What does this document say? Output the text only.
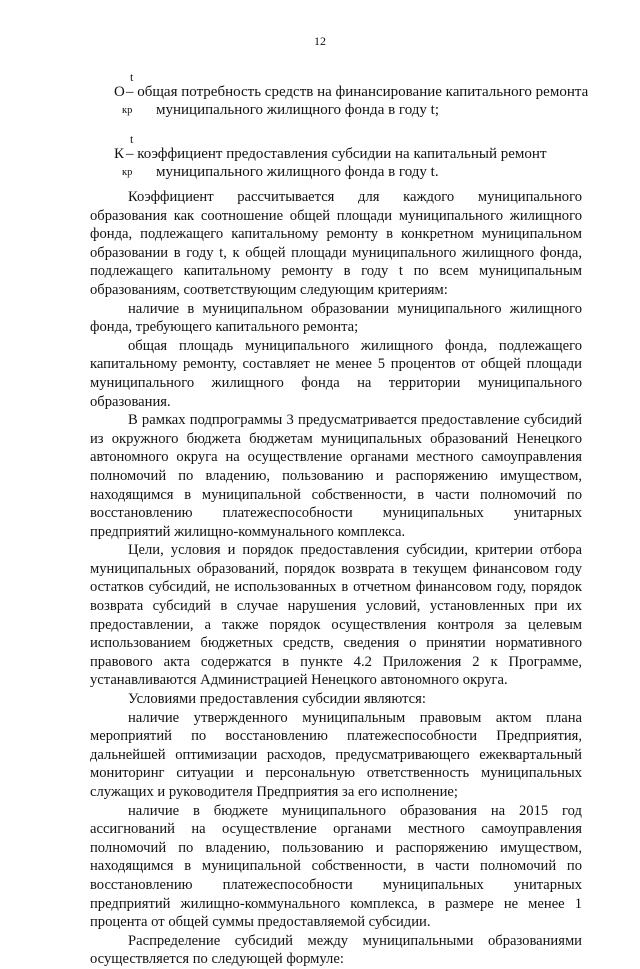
12
t
О – общая потребность средств на финансирование капитального ремонта
кр муниципального жилищного фонда в году t;
t
К – коэффициент предоставления субсидии на капитальный ремонт
кр муниципального жилищного фонда в году t.

Коэффициент рассчитывается для каждого муниципального образования как соотношение общей площади муниципального жилищного фонда, подлежащего капитальному ремонту в конкретном муниципальном образовании в году t, к общей площади муниципального жилищного фонда, подлежащего капитальному ремонту в году t по всем муниципальным образованиям, соответствующим следующим критериям:

наличие в муниципальном образовании муниципального жилищного фонда, требующего капитального ремонта;

общая площадь муниципального жилищного фонда, подлежащего капитальному ремонту, составляет не менее 5 процентов от общей площади муниципального жилищного фонда на территории муниципального образования.

В рамках подпрограммы 3 предусматривается предоставление субсидий из окружного бюджета бюджетам муниципальных образований Ненецкого автономного округа на осуществление органами местного самоуправления полномочий по владению, пользованию и распоряжению имуществом, находящимся в муниципальной собственности, в части полномочий по восстановлению платежеспособности муниципальных унитарных предприятий жилищно-коммунального комплекса.

Цели, условия и порядок предоставления субсидии, критерии отбора муниципальных образований, порядок возврата в текущем финансовом году остатков субсидий, не использованных в отчетном финансовом году, порядок возврата субсидий в случае нарушения условий, установленных при их предоставлении, а также порядок осуществления контроля за целевым использованием бюджетных средств, сведения о принятии нормативного правового акта содержатся в пункте 4.2 Приложения 2 к Программе, устанавливаются Администрацией Ненецкого автономного округа.

Условиями предоставления субсидии являются:

наличие утвержденного муниципальным правовым актом плана мероприятий по восстановлению платежеспособности Предприятия, дальнейшей оптимизации расходов, предусматривающего ежеквартальный мониторинг ситуации и персональную ответственность муниципальных служащих и руководителя Предприятия за его исполнение;

наличие в бюджете муниципального образования на 2015 год ассигнований на осуществление органами местного самоуправления полномочий по владению, пользованию и распоряжению имуществом, находящимся в муниципальной собственности, в части полномочий по восстановлению платежеспособности муниципальных унитарных предприятий жилищно-коммунального комплекса, в размере не менее 1 процента от общей суммы предоставляемой субсидии.

Распределение субсидий между муниципальными образованиями осуществляется по следующей формуле:
